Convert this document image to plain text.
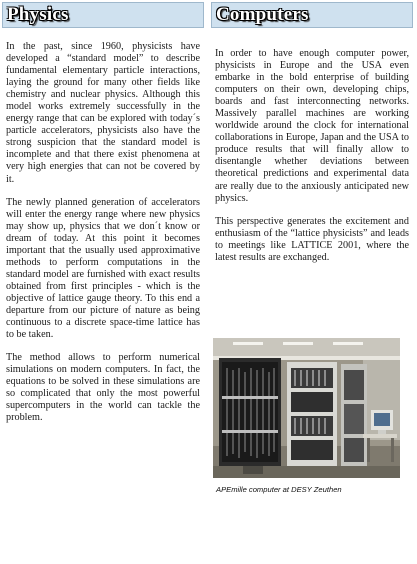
Physics

In the past, since 1960, physicists have developed a “standard model” to describe fundamental elementary particle interactions, laying the ground for many other fields like chemistry and nuclear physics. Although this model works extremely successfully in the energy range that can be explored with today´s particle accelerators, physicists also have the strong suspicion that the standard model is incomplete and that there exist phenomena at very high energies that can not be covered by it.

The newly planned generation of accelerators will enter the energy range where new physics may show up, physics that we don´t know or dream of today. At this point it becomes important that the usually used approximative methods to perform computations in the standard model are furnished with exact results obtained from first principles - which is the objective of lattice gauge theory. To this end a departure from our picture of nature as being continuous to a discrete space-time lattice has to be taken.

The method allows to perform numerical simulations on modern computers. In fact, the equations to be solved in these simulations are so complicated that only the most powerful supercomputers in the world can tackle the problem.

Computers

In order to have enough computer power, physicists in Europe and the USA even embarke in the bold enterprise of building computers on their own, developing chips, boards and fast interconnecting networks. Massively parallel machines are working worldwide around the clock for international collaborations in Europe, Japan and the USA to produce results that will finally allow to disentangle whether deviations between theoretical predictions and experimental data are really due to the anxiously anticipated new physics.

This perspective generates the excitement and enthusiasm of the “lattice physicists” and leads to meetings like LATTICE 2001, where the latest results are exchanged.

APEmille computer at DESY Zeuthen
